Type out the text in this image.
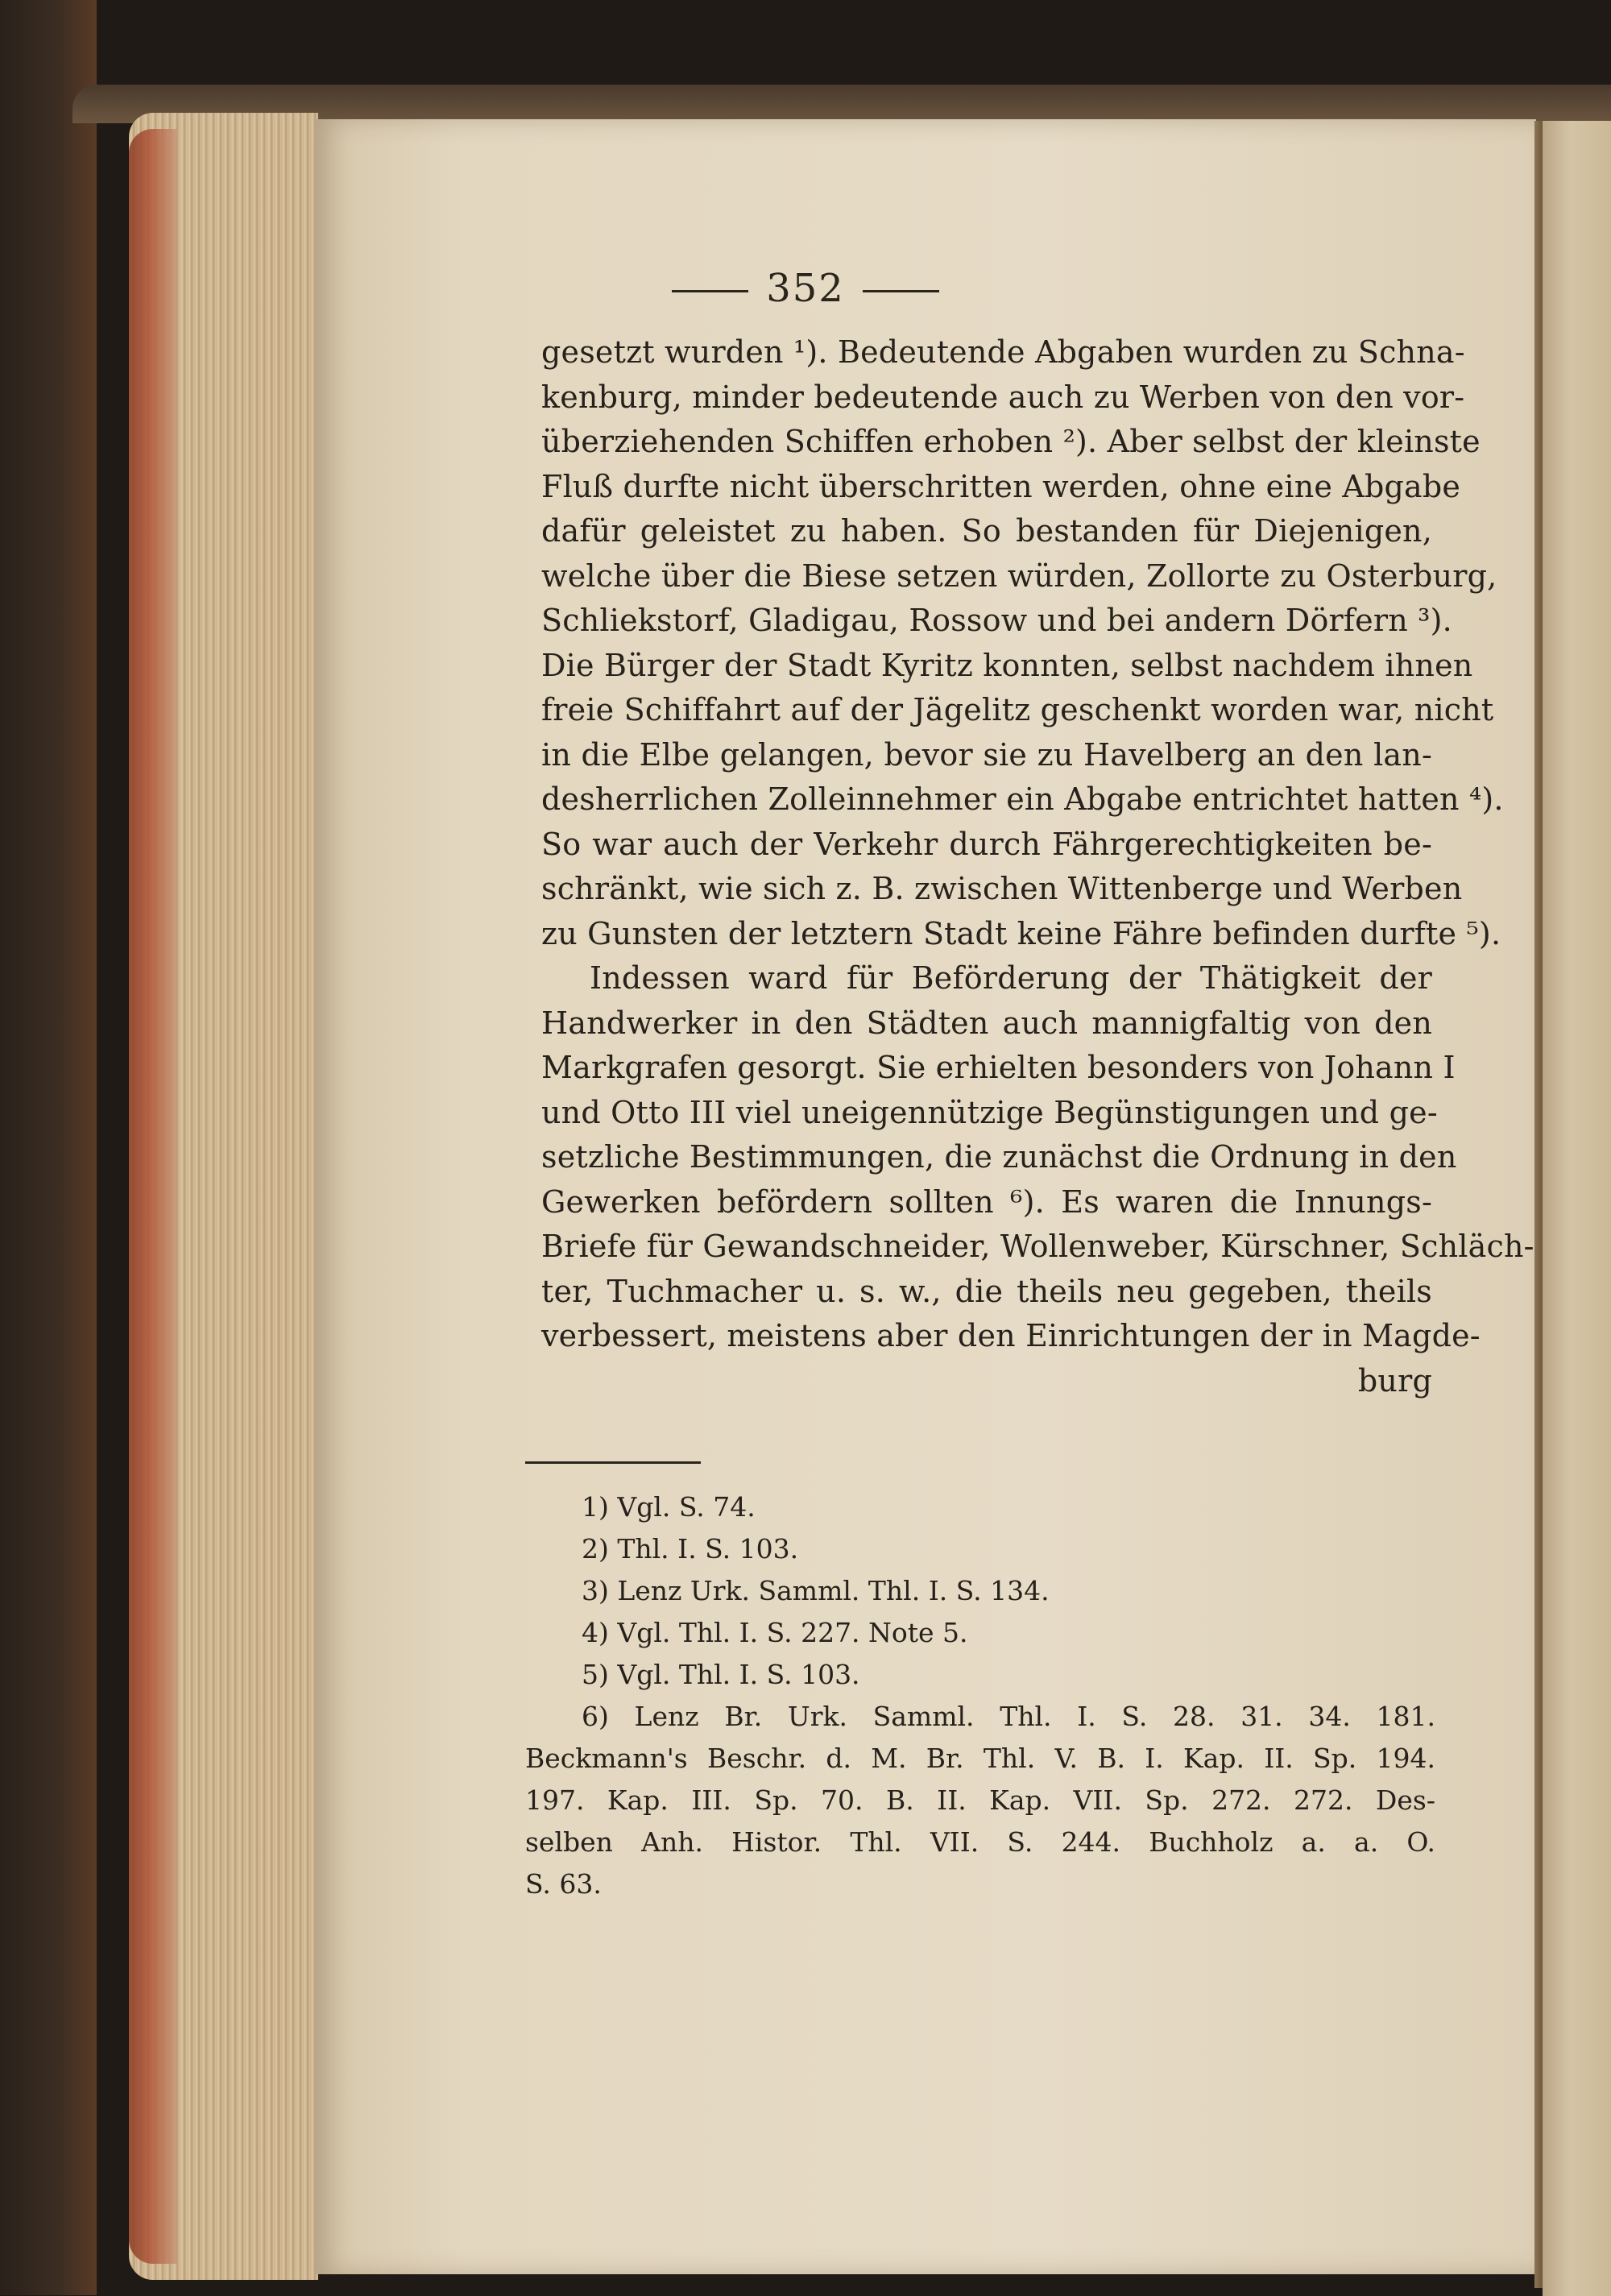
352
gesetzt wurden ¹). Bedeutende Abgaben wurden zu Schna-
kenburg, minder bedeutende auch zu Werben von den vor-
überziehenden Schiffen erhoben ²). Aber selbst der kleinste
Fluß durfte nicht überschritten werden, ohne eine Abgabe
dafür geleistet zu haben. So bestanden für Diejenigen,
welche über die Biese setzen würden, Zollorte zu Osterburg,
Schliekstorf, Gladigau, Rossow und bei andern Dörfern ³).
Die Bürger der Stadt Kyritz konnten, selbst nachdem ihnen
freie Schiffahrt auf der Jägelitz geschenkt worden war, nicht
in die Elbe gelangen, bevor sie zu Havelberg an den lan-
desherrlichen Zolleinnehmer ein Abgabe entrichtet hatten ⁴).
So war auch der Verkehr durch Fährgerechtigkeiten be-
schränkt, wie sich z. B. zwischen Wittenberge und Werben
zu Gunsten der letztern Stadt keine Fähre befinden durfte ⁵).
Indessen ward für Beförderung der Thätigkeit der
Handwerker in den Städten auch mannigfaltig von den
Markgrafen gesorgt. Sie erhielten besonders von Johann I
und Otto III viel uneigennützige Begünstigungen und ge-
setzliche Bestimmungen, die zunächst die Ordnung in den
Gewerken befördern sollten ⁶). Es waren die Innungs-
Briefe für Gewandschneider, Wollenweber, Kürschner, Schläch-
ter, Tuchmacher u. s. w., die theils neu gegeben, theils
verbessert, meistens aber den Einrichtungen der in Magde-
burg
1) Vgl. S. 74.
2) Thl. I. S. 103.
3) Lenz Urk. Samml. Thl. I. S. 134.
4) Vgl. Thl. I. S. 227. Note 5.
5) Vgl. Thl. I. S. 103.
6) Lenz Br. Urk. Samml. Thl. I. S. 28. 31. 34. 181.
Beckmann's Beschr. d. M. Br. Thl. V. B. I. Kap. II. Sp. 194.
197. Kap. III. Sp. 70. B. II. Kap. VII. Sp. 272. 272. Des-
selben Anh. Histor. Thl. VII. S. 244. Buchholz a. a. O.
S. 63.
